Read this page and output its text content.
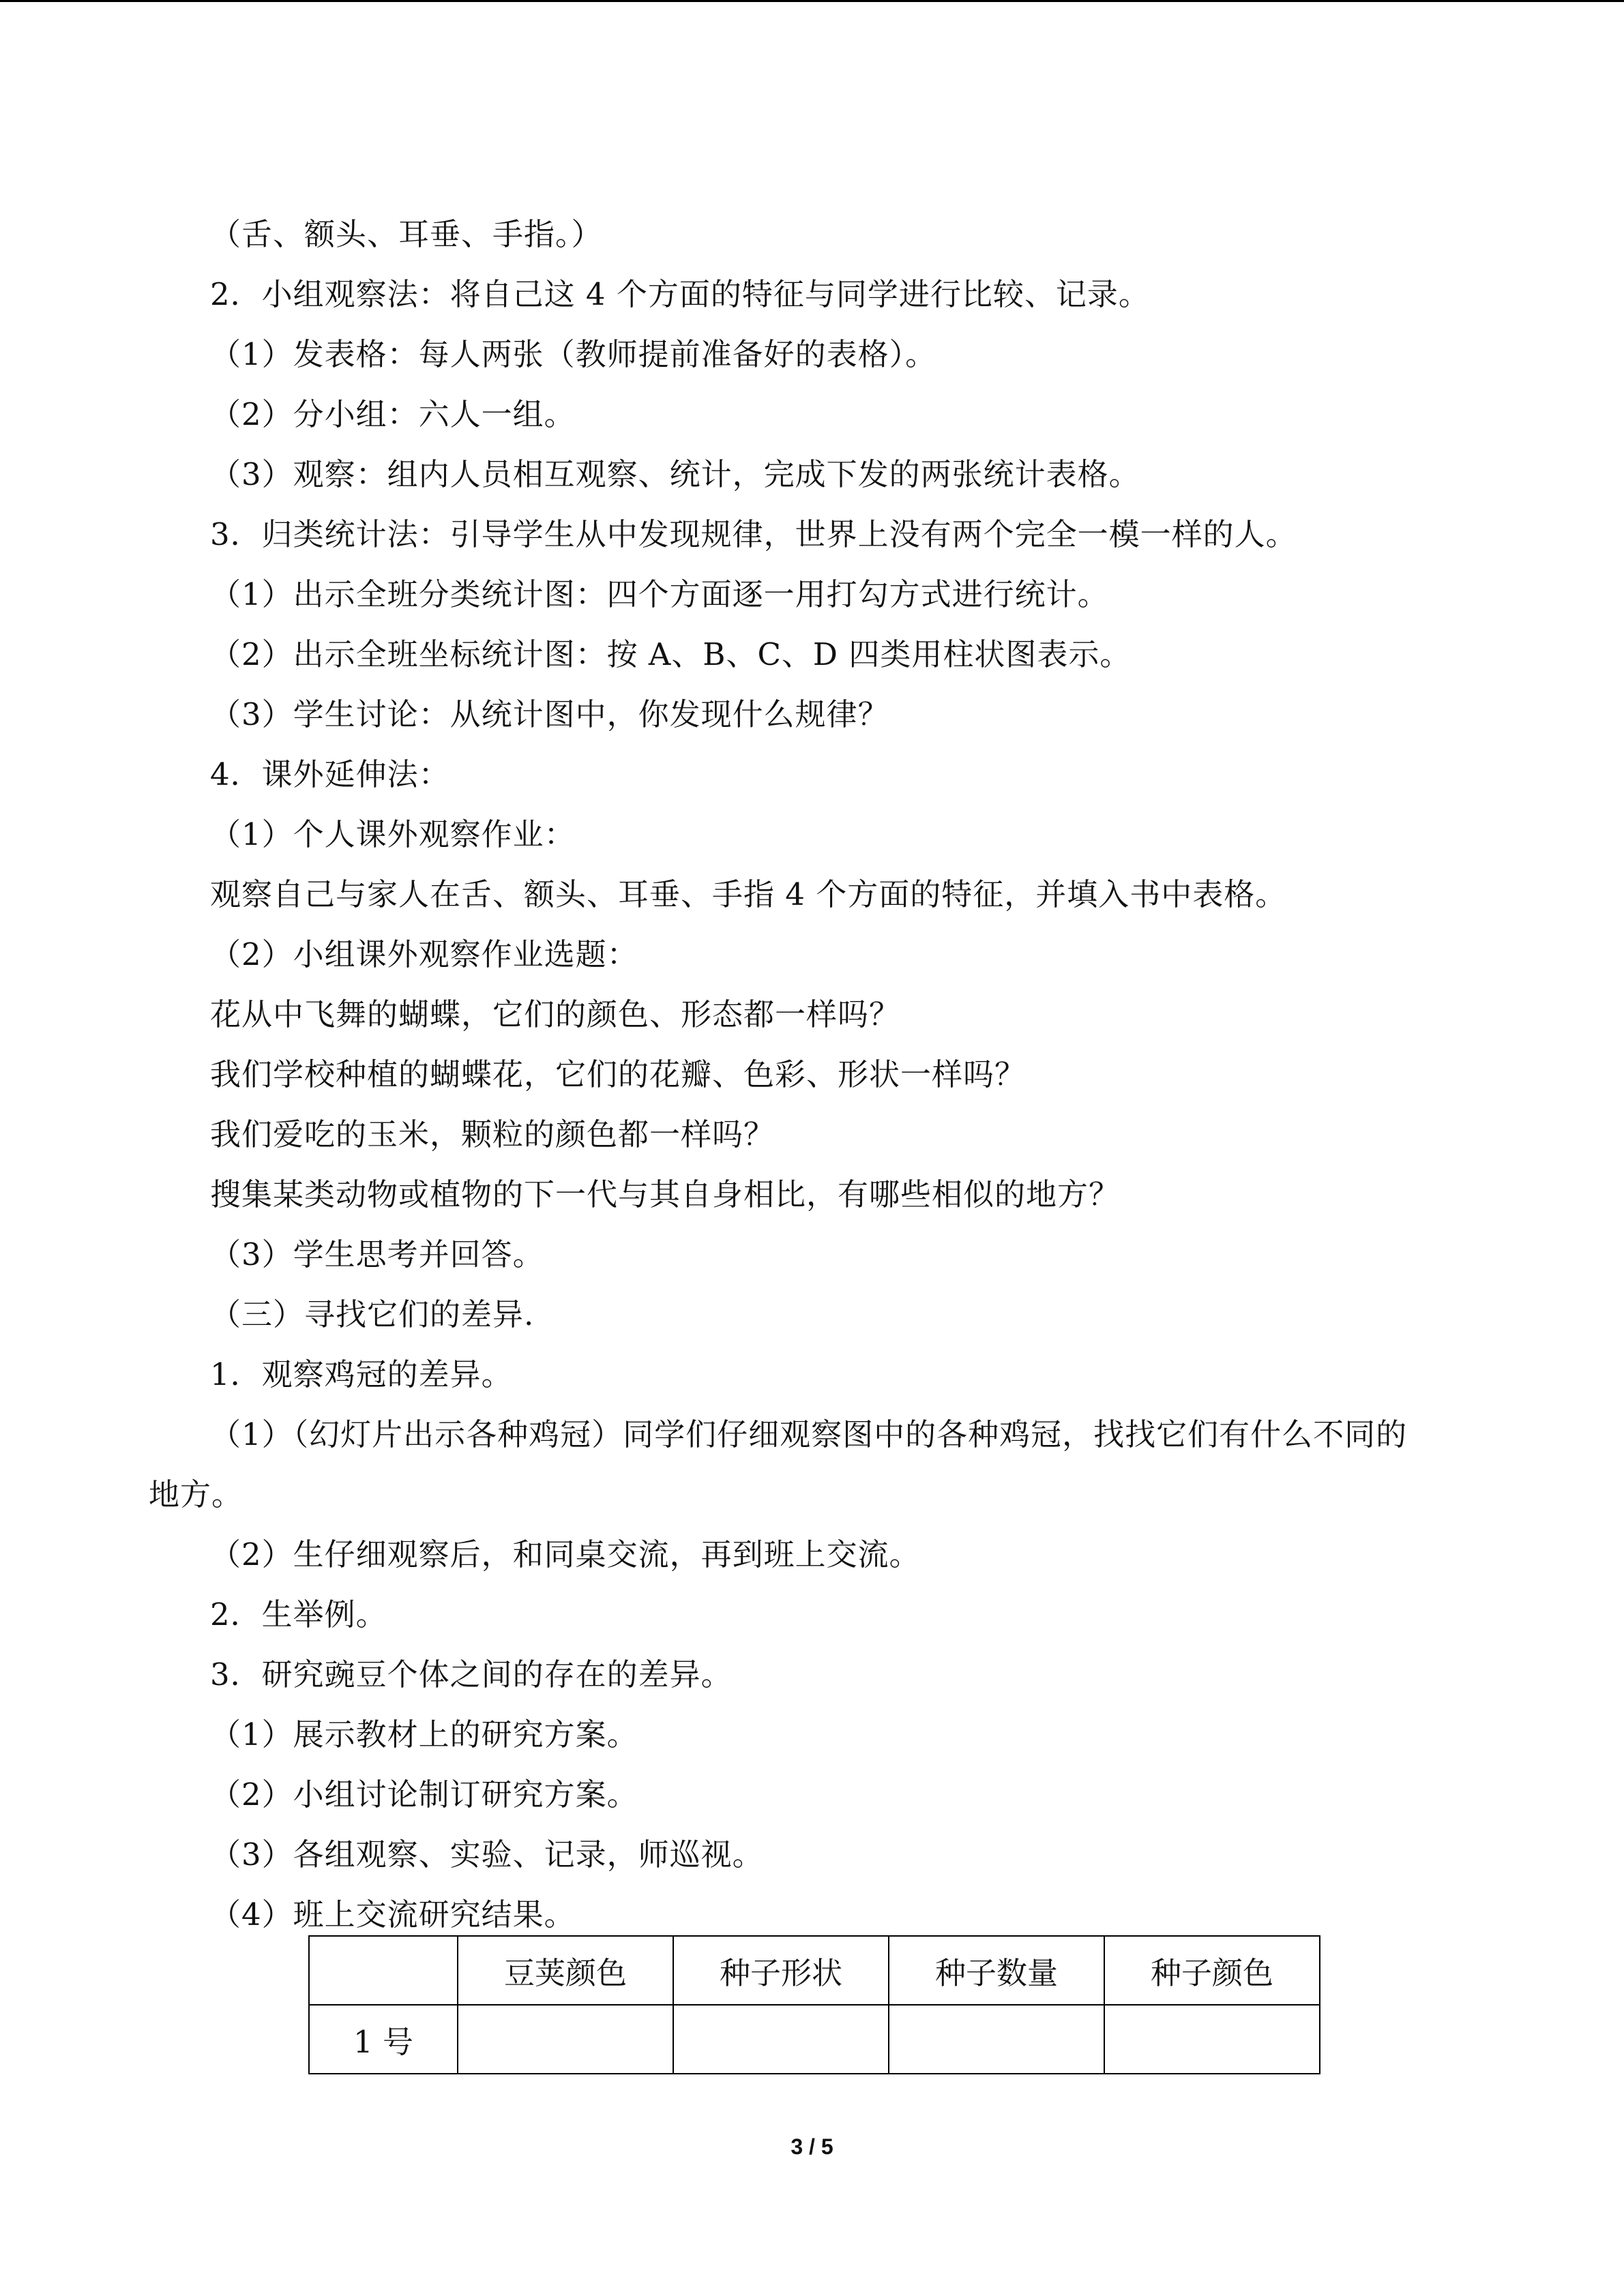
（舌、额头、耳垂、手指。）
2．小组观察法：将自己这 4 个方面的特征与同学进行比较、记录。
（1）发表格：每人两张（教师提前准备好的表格）。
（2）分小组：六人一组。
（3）观察：组内人员相互观察、统计，完成下发的两张统计表格。
3．归类统计法：引导学生从中发现规律，世界上没有两个完全一模一样的人。
（1）出示全班分类统计图：四个方面逐一用打勾方式进行统计。
（2）出示全班坐标统计图：按 A、B、C、D 四类用柱状图表示。
（3）学生讨论：从统计图中，你发现什么规律？
4．课外延伸法：
（1）个人课外观察作业：
观察自己与家人在舌、额头、耳垂、手指 4 个方面的特征，并填入书中表格。
（2）小组课外观察作业选题：
花从中飞舞的蝴蝶，它们的颜色、形态都一样吗？
我们学校种植的蝴蝶花，它们的花瓣、色彩、形状一样吗？
我们爱吃的玉米，颗粒的颜色都一样吗？
搜集某类动物或植物的下一代与其自身相比，有哪些相似的地方？
（3）学生思考并回答。
（三）寻找它们的差异.
1．观察鸡冠的差异。
（1）（幻灯片出示各种鸡冠）同学们仔细观察图中的各种鸡冠，找找它们有什么不同的
地方。
（2）生仔细观察后，和同桌交流，再到班上交流。
2．生举例。
3．研究豌豆个体之间的存在的差异。
（1）展示教材上的研究方案。
（2）小组讨论制订研究方案。
（3）各组观察、实验、记录，师巡视。
（4）班上交流研究结果。
	豆荚颜色	种子形状	种子数量	种子颜色
1 号				
3 / 5
